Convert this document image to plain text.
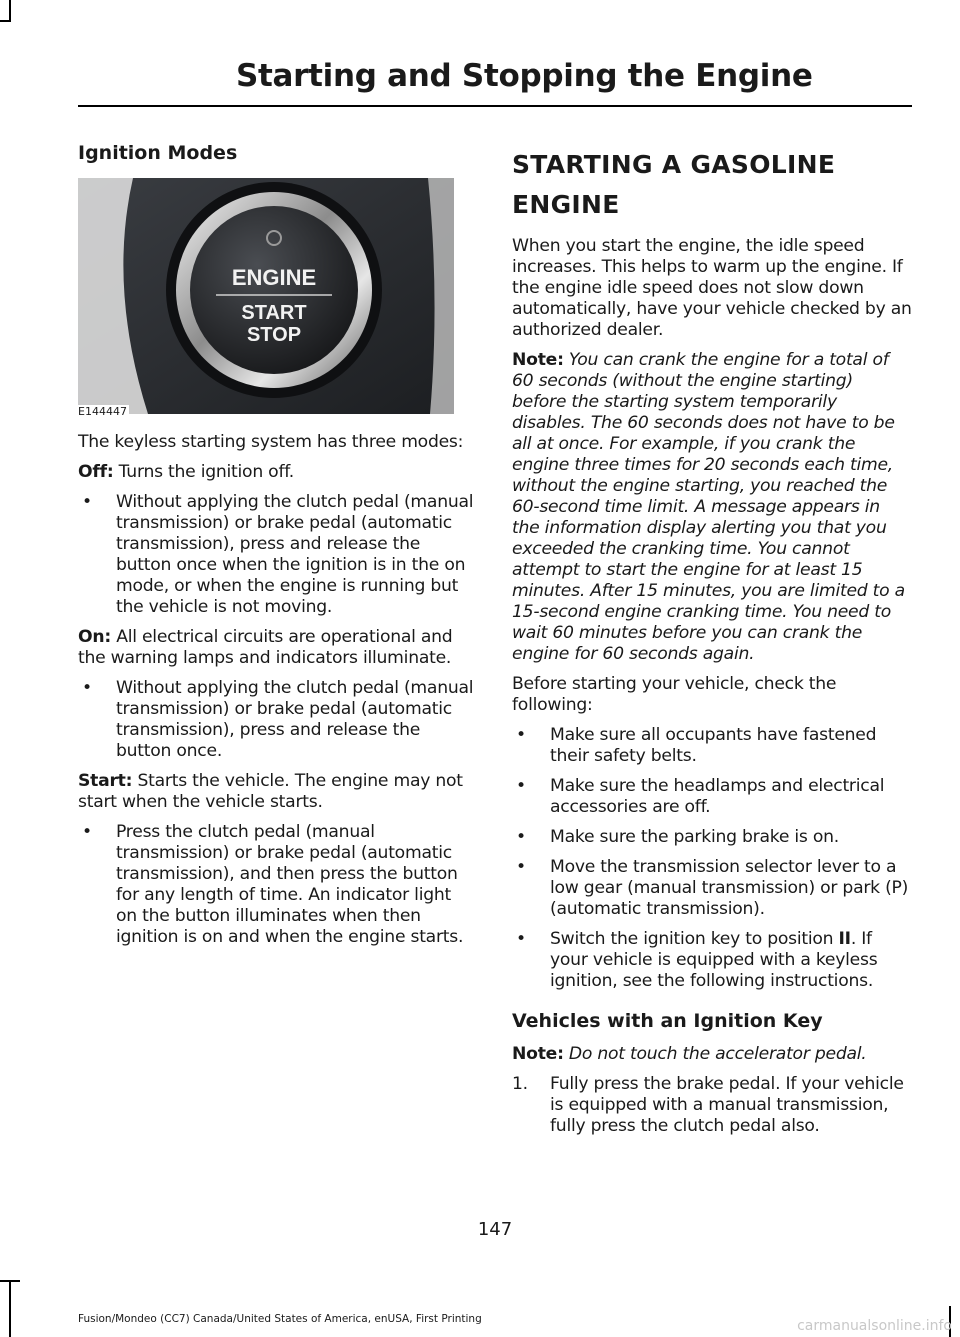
Starting and Stopping the Engine
Ignition Modes
ENGINE
START
STOP
E144447

The keyless starting system has three modes:

Off: Turns the ignition off.

• Without applying the clutch pedal (manual transmission) or brake pedal (automatic transmission), press and release the button once when the ignition is in the on mode, or when the engine is running but the vehicle is not moving.

On: All electrical circuits are operational and the warning lamps and indicators illuminate.

• Without applying the clutch pedal (manual transmission) or brake pedal (automatic transmission), press and release the button once.

Start: Starts the vehicle. The engine may not start when the vehicle starts.

• Press the clutch pedal (manual transmission) or brake pedal (automatic transmission), and then press the button for any length of time. An indicator light on the button illuminates when then ignition is on and when the engine starts.
STARTING A GASOLINE
ENGINE

When you start the engine, the idle speed increases. This helps to warm up the engine. If the engine idle speed does not slow down automatically, have your vehicle checked by an authorized dealer.

Note: You can crank the engine for a total of 60 seconds (without the engine starting) before the starting system temporarily disables. The 60 seconds does not have to be all at once. For example, if you crank the engine three times for 20 seconds each time, without the engine starting, you reached the 60-second time limit. A message appears in the information display alerting you that you exceeded the cranking time. You cannot attempt to start the engine for at least 15 minutes. After 15 minutes, you are limited to a 15-second engine cranking time. You need to wait 60 minutes before you can crank the engine for 60 seconds again.

Before starting your vehicle, check the following:

• Make sure all occupants have fastened their safety belts.
• Make sure the headlamps and electrical accessories are off.
• Make sure the parking brake is on.
• Move the transmission selector lever to a low gear (manual transmission) or park (P) (automatic transmission).
• Switch the ignition key to position II. If your vehicle is equipped with a keyless ignition, see the following instructions.
Vehicles with an Ignition Key

Note: Do not touch the accelerator pedal.

1. Fully press the brake pedal. If your vehicle is equipped with a manual transmission, fully press the clutch pedal also.
147
Fusion/Mondeo (CC7) Canada/United States of America, enUSA, First Printing	carmanualsonline.info
